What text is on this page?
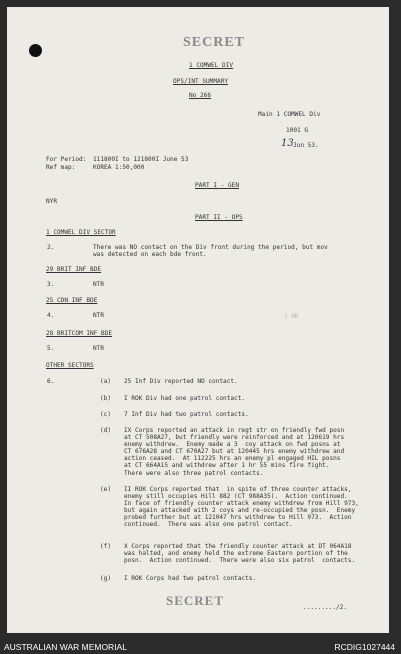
SECRET
1 COMWEL DIV
OPS/INT SUMMARY
No 266
Main 1 COMWEL Div
1001 G
13 Jun 53.
For Period: 111800I to 121800I June 53
Ref map:	KOREA 1:50,000
PART I - GEN
NYR
PART II - OPS
1 COMWEL DIV SECTOR
2.	There was NO contact on the Div front during the period, but mov
was detected on each bde front.
29 BRIT INF BDE
3.	NTR
25 CDN INF BDE
4.	NTR	1 HR
28 BRITCOM INF BDE
5.	NTR
OTHER SECTORS
6.	(a) 25 Inf Div reported NO contact.
(b) I ROK Div had one patrol contact.
(c) 7 Inf Div had two patrol contacts.
(d) IX Corps reported an attack in regt str on friendly fwd posn
at CT 508A27, but friendly were reinforced and at 120619 hrs
enemy withdrew.  Enemy made a 3  coy attack on fwd posns at
CT 676A28 and CT 670A27 but at 120445 hrs enemy withdrew and
action ceased.  At 112225 hrs an enemy pl engaged HIL posns
at CT 664A15 and withdrew after 1 hr 55 mins fire fight.
There were also three patrol contacts.
(e) II ROK Corps reported that  in spite of three counter attacks,
enemy still occupies Hill 882 (CT 988A35).  Action continued.
In face of friendly counter attack enemy withdrew from Hill 973,
but again attacked with 2 coys and re-occupied the posn.  Enemy
probed further but at 121047 hrs withdrew to Hill 973.  Action
continued.  There was also one patrol contact.
(f) X Corps reported that the friendly counter attack at DT 064A18
was halted, and enemy held the extreme Eastern portion of the
posn.  Action continued.  There were also six patrol  contacts.
(g) I ROK Corps had two patrol contacts.
SECRET	........./2.
AUSTRALIAN WAR MEMORIAL	RCDIG1027444
